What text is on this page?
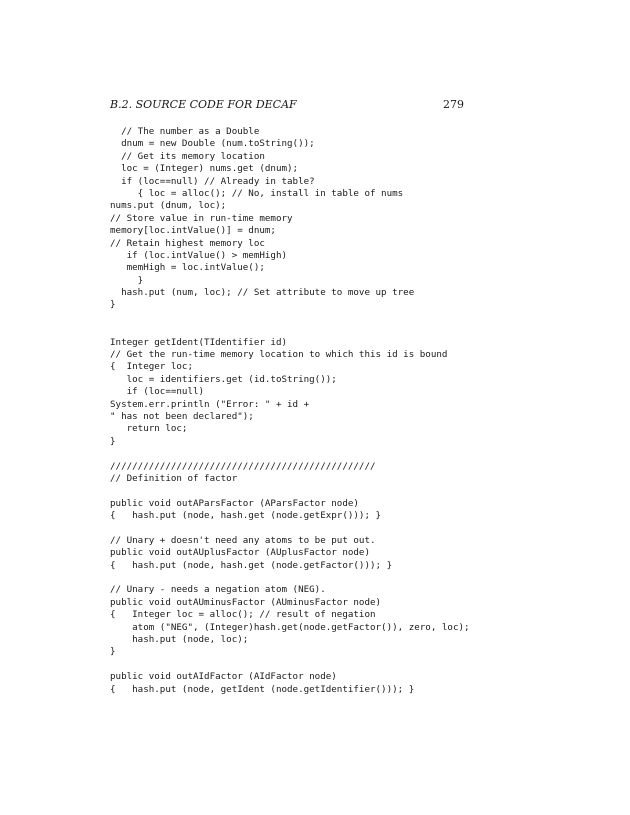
B.2. SOURCE CODE FOR DECAF	279
// The number as a Double
dnum = new Double (num.toString());
// Get its memory location
loc = (Integer) nums.get (dnum);
if (loc==null) // Already in table?
{ loc = alloc(); // No, install in table of nums
nums.put (dnum, loc);
// Store value in run-time memory
memory[loc.intValue()] = dnum;
// Retain highest memory loc
if (loc.intValue() > memHigh)
memHigh = loc.intValue();
}
hash.put (num, loc); // Set attribute to move up tree
}
Integer getIdent(TIdentifier id)
// Get the run-time memory location to which this id is bound
{  Integer loc;
loc = identifiers.get (id.toString());
if (loc==null)
System.err.println ("Error: " + id +
" has not been declared");
return loc;
}
////////////////////////////////////////////////
// Definition of factor
public void outAParsFactor (AParsFactor node)
{   hash.put (node, hash.get (node.getExpr())); }
// Unary + doesn't need any atoms to be put out.
public void outAUplusFactor (AUplusFactor node)
{   hash.put (node, hash.get (node.getFactor())); }
// Unary - needs a negation atom (NEG).
public void outAUminusFactor (AUminusFactor node)
{   Integer loc = alloc(); // result of negation
atom ("NEG", (Integer)hash.get(node.getFactor()), zero, loc);
hash.put (node, loc);
}
public void outAIdFactor (AIdFactor node)
{   hash.put (node, getIdent (node.getIdentifier())); }
